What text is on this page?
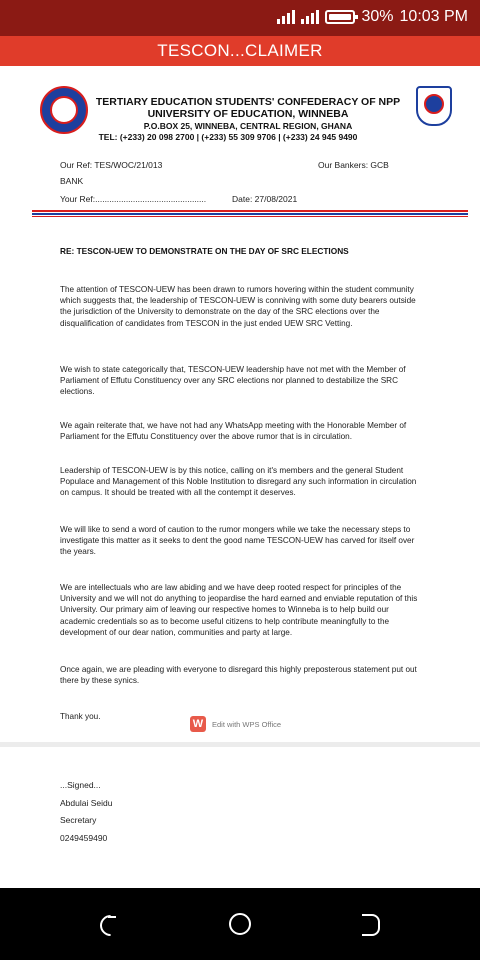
30% 10:03 PM
TESCON...CLAIMER
TERTIARY EDUCATION STUDENTS' CONFEDERACY OF NPP
UNIVERSITY OF EDUCATION, WINNEBA
P.O.BOX 25, WINNEBA, CENTRAL REGION, GHANA
TEL: (+233) 20 098 2700 | (+233) 55 309 9706 | (+233) 24 945 9490
Our Ref: TES/WOC/21/013	Our Bankers: GCB
BANK
Your Ref:...............................................	Date: 27/08/2021
RE: TESCON-UEW TO DEMONSTRATE ON THE DAY OF SRC ELECTIONS
The attention of TESCON-UEW has been drawn to rumors hovering within the student community which suggests that, the leadership of TESCON-UEW is conniving with some duty bearers outside the jurisdiction of the University to demonstrate on the day of the SRC elections over the disqualification of candidates from TESCON in the just ended UEW SRC Vetting.
We wish to state categorically that, TESCON-UEW leadership have not met with the Member of Parliament of Effutu Constituency over any SRC elections nor planned to destabilize the SRC elections.
We again reiterate that, we have not had any WhatsApp meeting with the Honorable Member of Parliament for the Effutu Constituency over the above rumor that is in circulation.
Leadership of TESCON-UEW is by this notice, calling on it's members and the general Student Populace and Management of this Noble Institution to disregard any such information in circulation on campus. It should be treated with all the contempt it deserves.
We will like to send a word of caution to the rumor mongers while we take the necessary steps to investigate this matter as it seeks to dent the good name TESCON-UEW has carved for itself over the years.
We are intellectuals who are law abiding and we have deep rooted respect for principles of the University and we will not do anything to jeopardise the hard earned and enviable reputation of this University. Our primary aim of leaving our respective homes to Winneba is to help build our academic credentials so as to become useful citizens to help contribute meaningfully to the development of our dear nation, communities and party at large.
Once again, we are pleading with everyone to disregard this highly preposterous statement put out there by these synics.
Thank you.
W	Edit with WPS Office
...Signed...
Abdulai Seidu
Secretary
0249459490
